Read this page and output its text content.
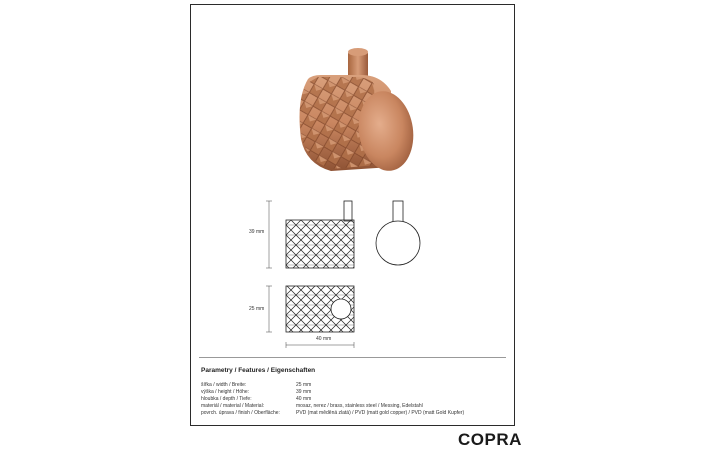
39 mm
25 mm
40 mm
Parametry / Features / Eigenschaften
šířka / width / Breite:	25 mm
výška / height / Höhe:	39 mm
hloubka / depth / Tiefe:	40 mm
materiál / material / Material:	mosaz, nerez / brass, stainless steel / Messing, Edelstahl
povrch. úprava / finish / Oberfläche:	PVD (mat měděná zlatá) / PVD (matt gold copper) / PVD (matt Gold Kupfer)
COPRA
